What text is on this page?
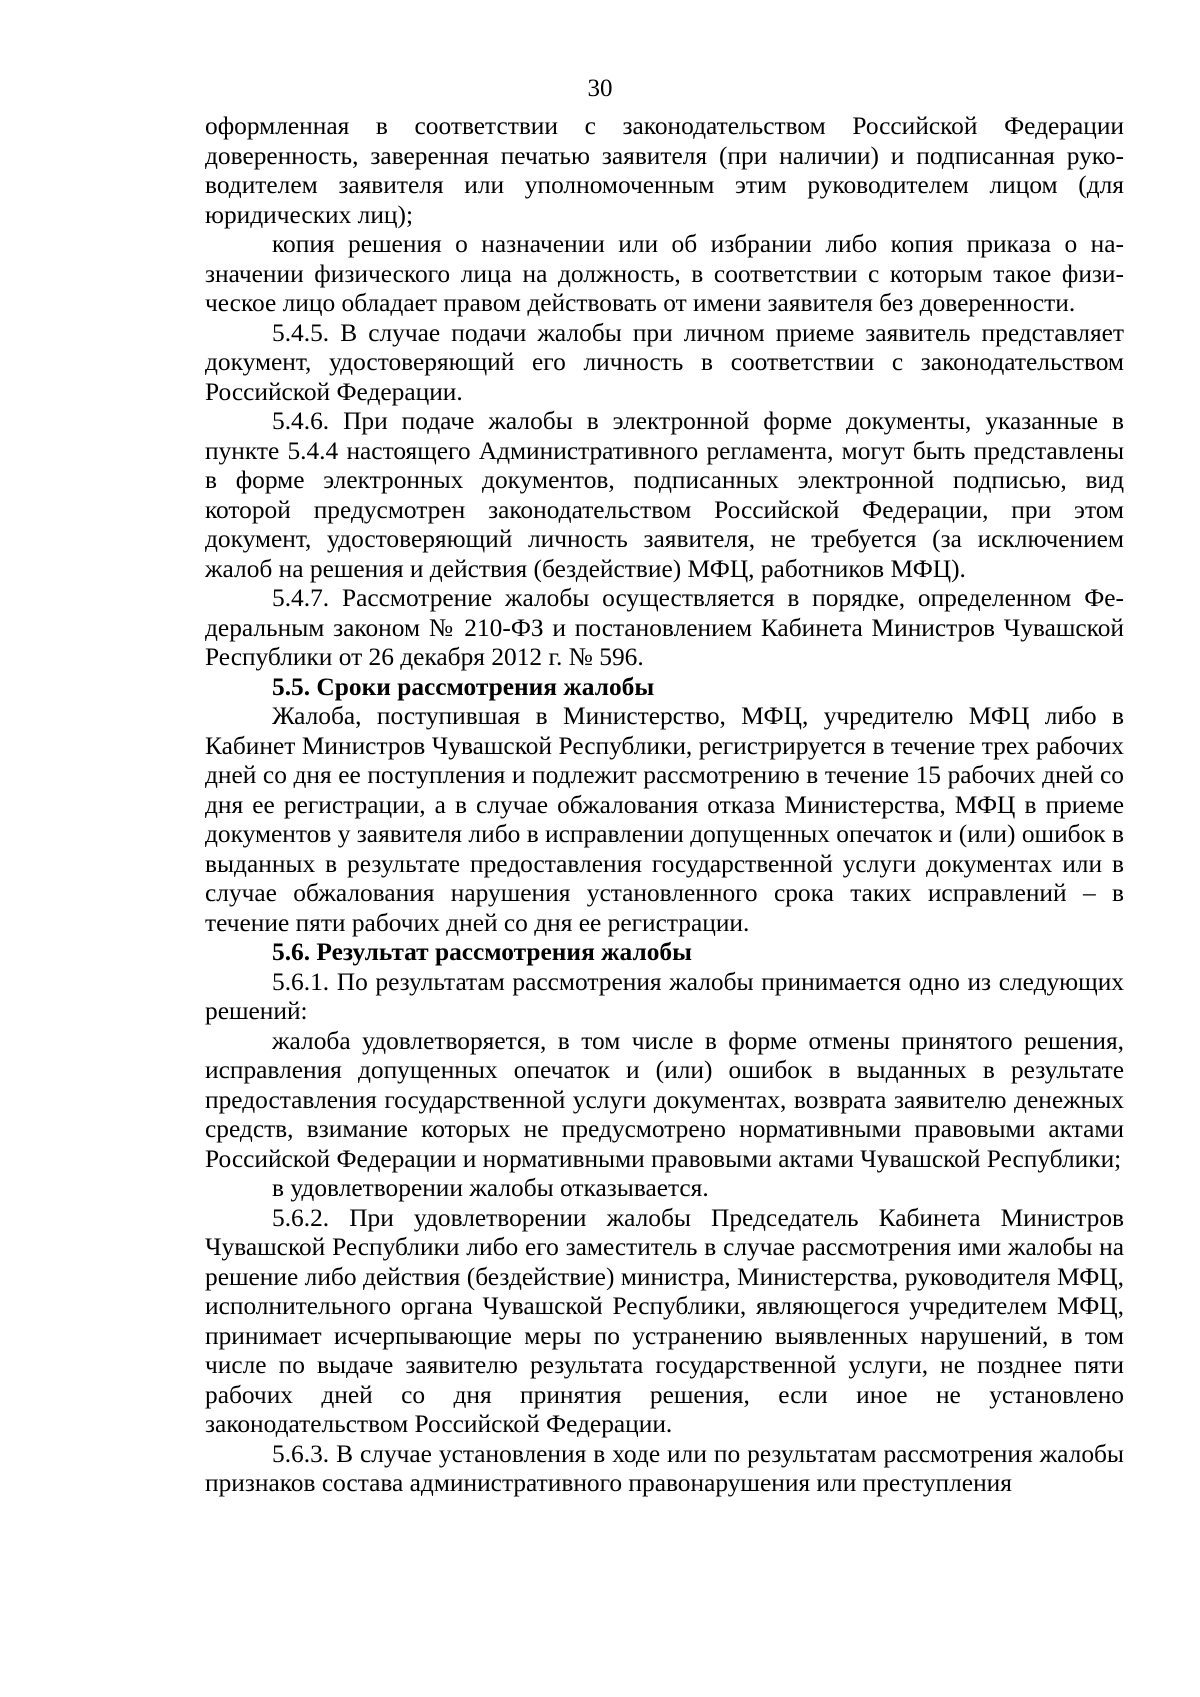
30

оформленная в соответствии с законодательством Российской Федерации доверенность, заверенная печатью заявителя (при наличии) и подписанная руководителем заявителя или уполномоченным этим руководителем лицом (для юридических лиц);

копия решения о назначении или об избрании либо копия приказа о назначении физического лица на должность, в соответствии с которым такое физическое лицо обладает правом действовать от имени заявителя без доверенности.

5.4.5. В случае подачи жалобы при личном приеме заявитель представляет документ, удостоверяющий его личность в соответствии с законодательством Российской Федерации.

5.4.6. При подаче жалобы в электронной форме документы, указанные в пункте 5.4.4 настоящего Административного регламента, могут быть представлены в форме электронных документов, подписанных электронной подписью, вид которой предусмотрен законодательством Российской Федерации, при этом документ, удостоверяющий личность заявителя, не требуется (за исключением жалоб на решения и действия (бездействие) МФЦ, работников МФЦ).

5.4.7. Рассмотрение жалобы осуществляется в порядке, определенном Федеральным законом № 210-ФЗ и постановлением Кабинета Министров Чувашской Республики от 26 декабря 2012 г. № 596.

5.5. Сроки рассмотрения жалобы

Жалоба, поступившая в Министерство, МФЦ, учредителю МФЦ либо в Кабинет Министров Чувашской Республики, регистрируется в течение трех рабочих дней со дня ее поступления и подлежит рассмотрению в течение 15 рабочих дней со дня ее регистрации, а в случае обжалования отказа Министерства, МФЦ в приеме документов у заявителя либо в исправлении допущенных опечаток и (или) ошибок в выданных в результате предоставления государственной услуги документах или в случае обжалования нарушения установленного срока таких исправлений – в течение пяти рабочих дней со дня ее регистрации.

5.6. Результат рассмотрения жалобы

5.6.1. По результатам рассмотрения жалобы принимается одно из следующих решений:

жалоба удовлетворяется, в том числе в форме отмены принятого решения, исправления допущенных опечаток и (или) ошибок в выданных в результате предоставления государственной услуги документах, возврата заявителю денежных средств, взимание которых не предусмотрено нормативными правовыми актами Российской Федерации и нормативными правовыми актами Чувашской Республики;

в удовлетворении жалобы отказывается.

5.6.2. При удовлетворении жалобы Председатель Кабинета Министров Чувашской Республики либо его заместитель в случае рассмотрения ими жалобы на решение либо действия (бездействие) министра, Министерства, руководителя МФЦ, исполнительного органа Чувашской Республики, являющегося учредителем МФЦ, принимает исчерпывающие меры по устранению выявленных нарушений, в том числе по выдаче заявителю результата государственной услуги, не позднее пяти рабочих дней со дня принятия решения, если иное не установлено законодательством Российской Федерации.

5.6.3. В случае установления в ходе или по результатам рассмотрения жалобы признаков состава административного правонарушения или преступления
